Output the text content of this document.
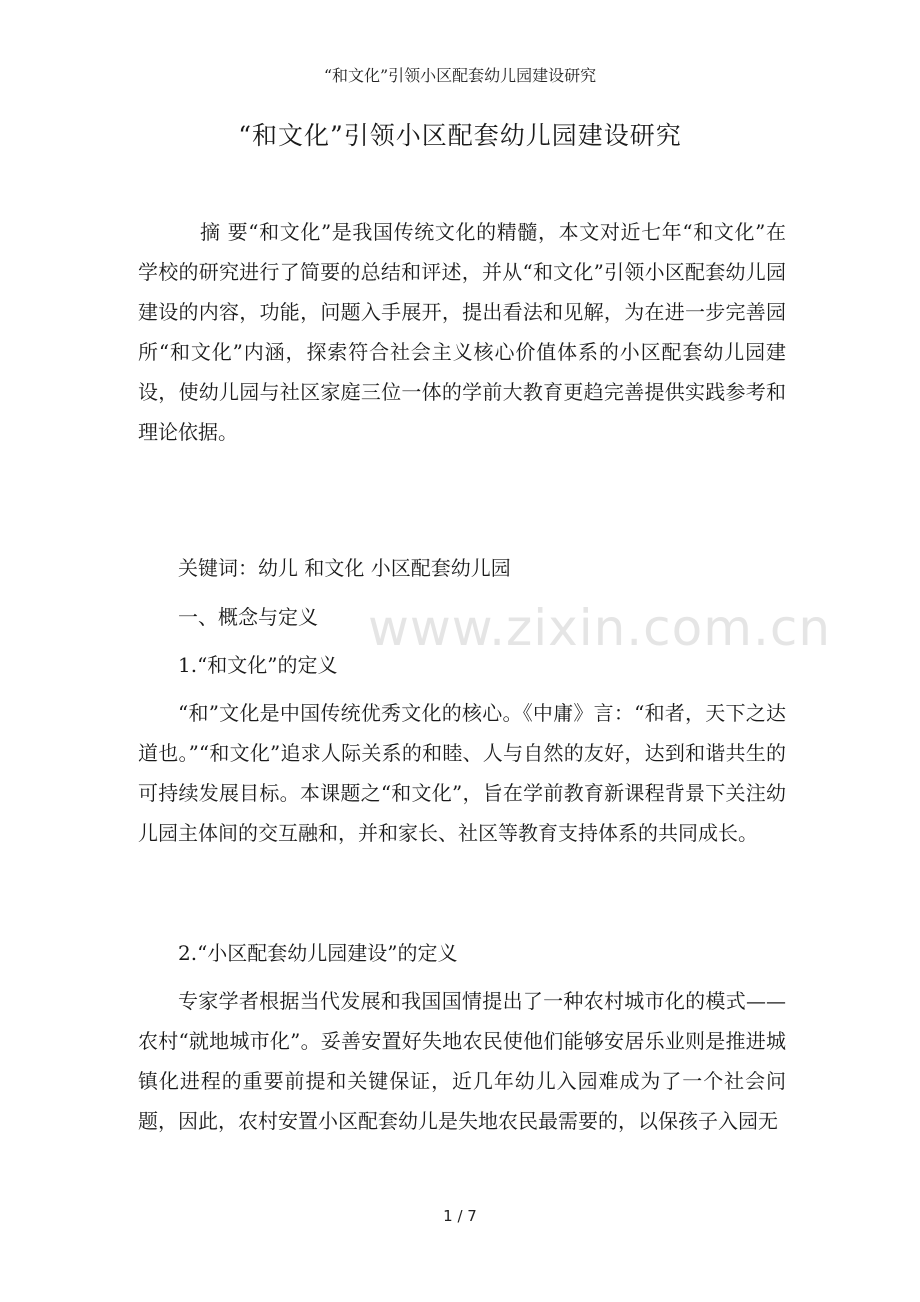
“和文化”引领小区配套幼儿园建设研究
“和文化”引领小区配套幼儿园建设研究

摘 要“和文化”是我国传统文化的精髓，本文对近七年“和文化”在学校的研究进行了简要的总结和评述，并从“和文化”引领小区配套幼儿园建设的内容，功能，问题入手展开，提出看法和见解，为在进一步完善园所“和文化”内涵，探索符合社会主义核心价值体系的小区配套幼儿园建设，使幼儿园与社区家庭三位一体的学前大教育更趋完善提供实践参考和理论依据。

关键词：幼儿 和文化 小区配套幼儿园

一、概念与定义

1.“和文化”的定义

“和”文化是中国传统优秀文化的核心。《中庸》言：“和者，天下之达道也。”“和文化”追求人际关系的和睦、人与自然的友好，达到和谐共生的可持续发展目标。本课题之“和文化”，旨在学前教育新课程背景下关注幼儿园主体间的交互融和，并和家长、社区等教育支持体系的共同成长。

2.“小区配套幼儿园建设”的定义

专家学者根据当代发展和我国国情提出了一种农村城市化的模式——农村“就地城市化”。妥善安置好失地农民使他们能够安居乐业则是推进城镇化进程的重要前提和关键保证，近几年幼儿入园难成为了一个社会问题，因此，农村安置小区配套幼儿是失地农民最需要的，以保孩子入园无

www.zixin.com.cn
1 / 7
